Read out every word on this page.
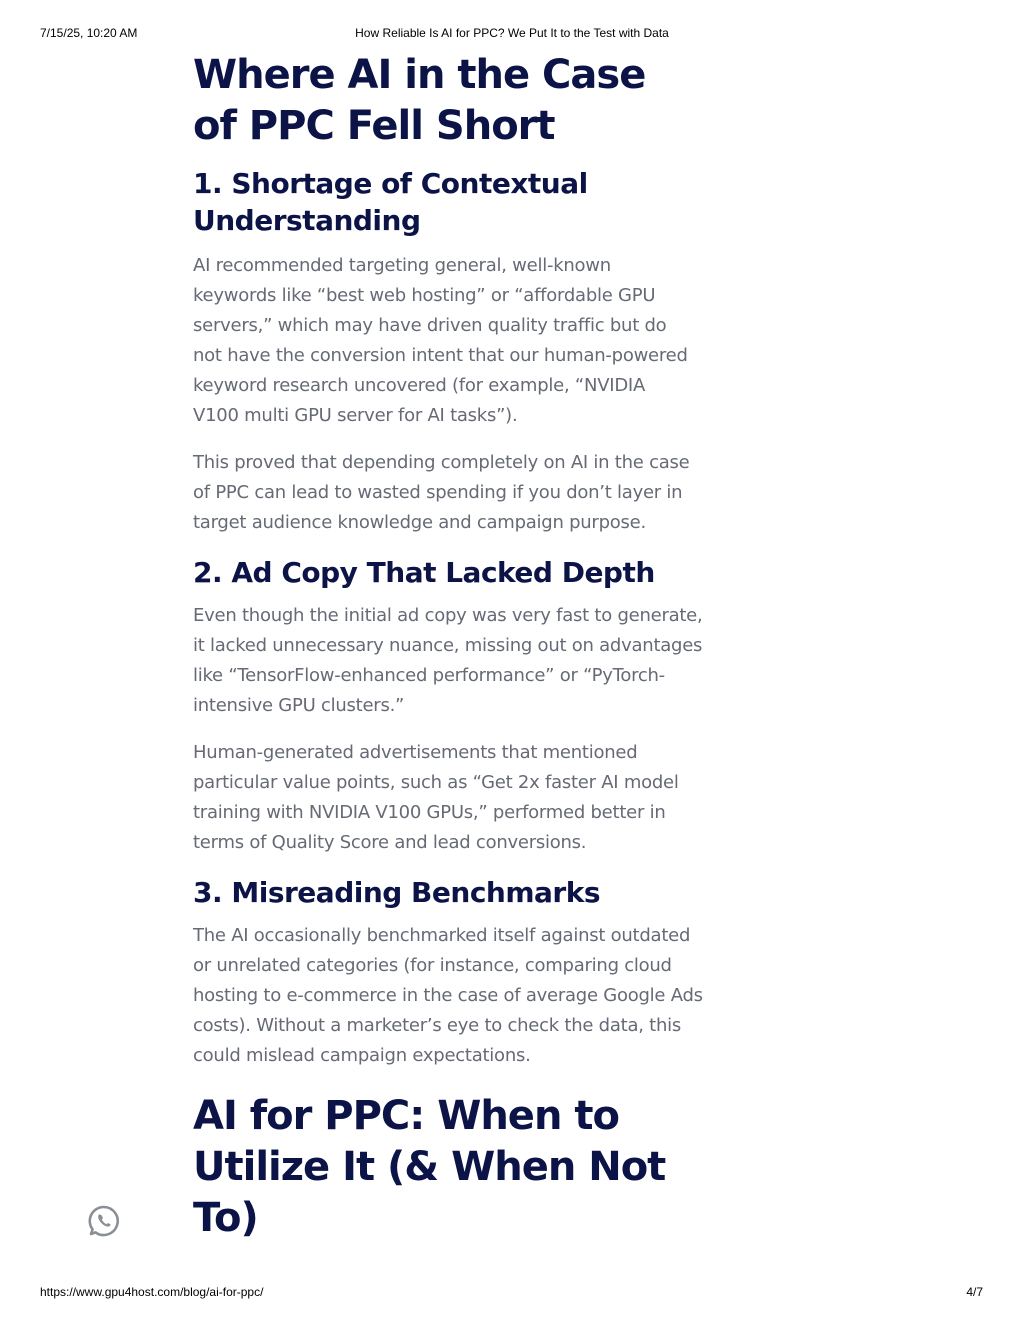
7/15/25, 10:20 AM	How Reliable Is AI for PPC? We Put It to the Test with Data
Where AI in the Case of PPC Fell Short
1. Shortage of Contextual Understanding

AI recommended targeting general, well-known keywords like “best web hosting” or “affordable GPU servers,” which may have driven quality traffic but do not have the conversion intent that our human-powered keyword research uncovered (for example, “NVIDIA V100 multi GPU server for AI tasks”).

This proved that depending completely on AI in the case of PPC can lead to wasted spending if you don’t layer in target audience knowledge and campaign purpose.

2. Ad Copy That Lacked Depth

Even though the initial ad copy was very fast to generate, it lacked unnecessary nuance, missing out on advantages like “TensorFlow-enhanced performance” or “PyTorch-intensive GPU clusters.”

Human-generated advertisements that mentioned particular value points, such as “Get 2x faster AI model training with NVIDIA V100 GPUs,” performed better in terms of Quality Score and lead conversions.

3. Misreading Benchmarks

The AI occasionally benchmarked itself against outdated or unrelated categories (for instance, comparing cloud hosting to e-commerce in the case of average Google Ads costs). Without a marketer’s eye to check the data, this could mislead campaign expectations.

AI for PPC: When to Utilize It (& When Not To)
https://www.gpu4host.com/blog/ai-for-ppc/	4/7
